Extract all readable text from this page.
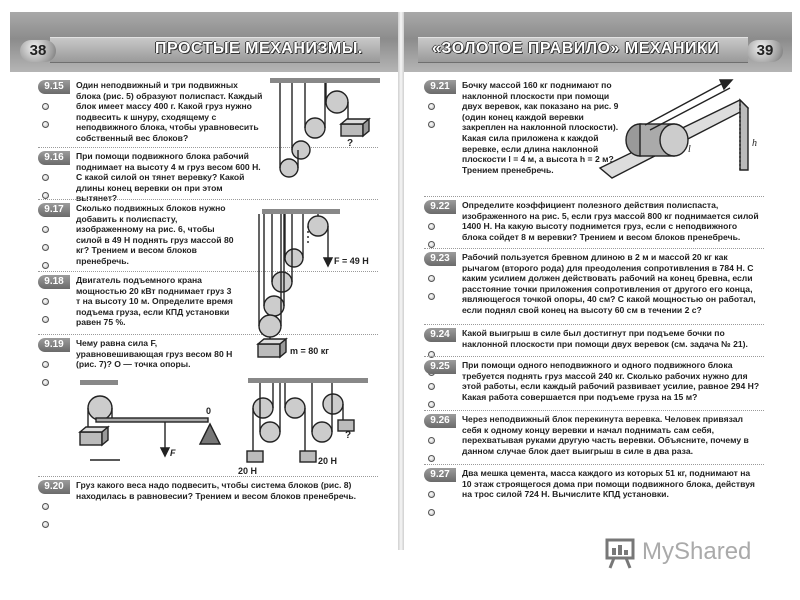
38	ПРОСТЫЕ МЕХАНИЗМЫ.	«ЗОЛОТОЕ ПРАВИЛО» МЕХАНИКИ	39
9.15	Один неподвижный и три подвижных блока (рис. 5) образуют полиспаст. Каждый блок имеет массу 400 г. Какой груз нужно подвесить к шнуру, сходящему с неподвижного блока, чтобы уравновесить собственный вес блоков?
9.16	При помощи подвижного блока рабочий поднимает на высоту 4 м груз весом 600 Н. С какой силой он тянет веревку? Какой длины конец веревки он при этом вытянет?
9.17	Сколько подвижных блоков нужно добавить к полиспасту, изображенному на рис. 6, чтобы силой в 49 Н поднять груз массой 80 кг? Трением и весом блоков пренебречь.
9.18	Двигатель подъемного крана мощностью 20 кВт поднимает груз 3 т на высоту 10 м. Определите время подъема груза, если КПД установки равен 75 %.
9.19	Чему равна сила F, уравновешивающая груз весом 80 Н (рис. 7)? O — точка опоры.
9.20	Груз какого веса надо подвесить, чтобы система блоков (рис. 8) находилась в равновесии? Трением и весом блоков пренебречь.
9.21	Бочку массой 160 кг поднимают по наклонной плоскости при помощи двух веревок, как показано на рис. 9 (один конец каждой веревки закреплен на наклонной плоскости). Какая сила приложена к каждой веревке, если длина наклонной плоскости l = 4 м, а высота h = 2 м? Трением пренебречь.
9.22	Определите коэффициент полезного действия полиспаста, изображенного на рис. 5, если груз массой 800 кг поднимается силой 1400 Н. На какую высоту поднимется груз, если с неподвижного блока сойдет 8 м веревки? Трением и весом блоков пренебречь.
9.23	Рабочий пользуется бревном длиною в 2 м и массой 20 кг как рычагом (второго рода) для преодоления сопротивления в 784 Н. С каким усилием должен действовать рабочий на конец бревна, если расстояние точки приложения сопротивления от другого его конца, являющегося точкой опоры, 40 см? С какой мощностью он работал, если поднял свой конец на высоту 60 см в течении 2 с?
9.24	Какой выигрыш в силе был достигнут при подъеме бочки по наклонной плоскости при помощи двух веревок (см. задача № 21).
9.25	При помощи одного неподвижного и одного подвижного блока требуется поднять груз массой 240 кг. Сколько рабочих нужно для этой работы, если каждый рабочий развивает усилие, равное 294 Н? Какая работа совершается при подъеме груза на 15 м?
9.26	Через неподвижный блок перекинута веревка. Человек привязал себя к одному концу веревки и начал поднимать сам себя, перехватывая руками другую часть веревки. Объясните, почему в данном случае блок дает выигрыш в силе в два раза.
9.27	Два мешка цемента, масса каждого из которых 51 кг, поднимают на 10 этаж строящегося дома при помощи подвижного блока, действуя на трос силой 724 Н. Вычислите КПД установки.
?
F = 49 Н
m = 80 кг
0
F
20 Н
20 Н
?
l
h
MyShared
